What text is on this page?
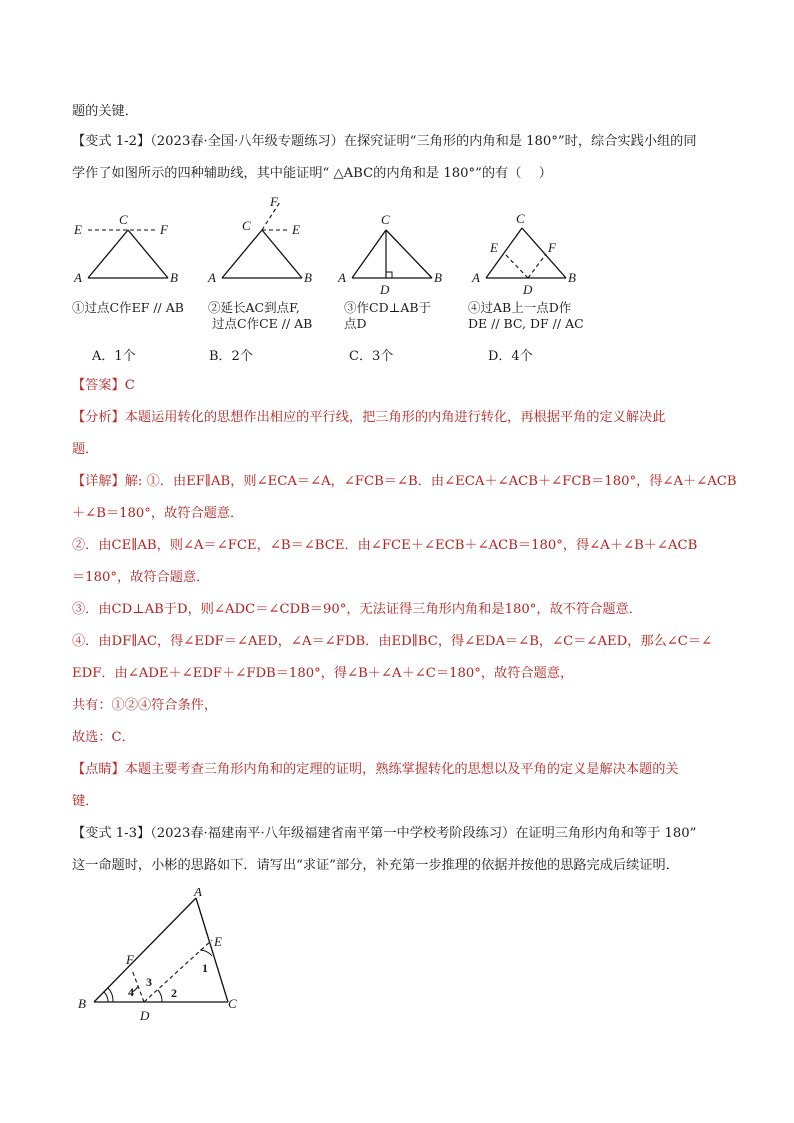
题的关键．
【变式 1-2】（2023春·全国·八年级专题练习）在探究证明“三角形的内角和是 180°”时，综合实践小组的同
学作了如图所示的四种辅助线，其中能证明“ △ABC的内角和是 180°”的有（　 ）
A	B
C
E	F
A	B
C	E
F
A	B
C
D
A	B
C
D
E	F
①过点C作EF // AB ②延长AC到点F,
过点C作CE // AB
③作CD⊥AB于
点D
④过AB上一点D作
DE // BC, DF // AC
A．1个	B．2个	C．3个	D．4个
【答案】C
【分析】本题运用转化的思想作出相应的平行线，把三角形的内角进行转化，再根据平角的定义解决此
题．
【详解】解: ①．由EF∥AB，则∠ECA＝∠A，∠FCB＝∠B．由∠ECA＋∠ACB＋∠FCB＝180°，得∠A＋∠ACB
＋∠B＝180°，故符合题意．
②．由CE∥AB，则∠A＝∠FCE，∠B＝∠BCE．由∠FCE＋∠ECB＋∠ACB＝180°，得∠A＋∠B＋∠ACB
＝180°，故符合题意．
③．由CD⊥AB于D，则∠ADC＝∠CDB＝90°，无法证得三角形内角和是180°，故不符合题意．
④．由DF∥AC，得∠EDF＝∠AED，∠A＝∠FDB．由ED∥BC，得∠EDA＝∠B，∠C＝∠AED，那么∠C＝∠
EDF．由∠ADE＋∠EDF＋∠FDB＝180°，得∠B＋∠A＋∠C＝180°，故符合题意，
共有：①②④符合条件，
故选：C．
【点睛】本题主要考查三角形内角和的定理的证明，熟练掌握转化的思想以及平角的定义是解决本题的关
键．
【变式 1-3】（2023春·福建南平·八年级福建省南平第一中学校考阶段练习）在证明三角形内角和等于 180”
这一命题时，小彬的思路如下．请写出“求证”部分，补充第一步推理的依据并按他的思路完成后续证明．
A
B	C
D
E
F
1
2
3
4
